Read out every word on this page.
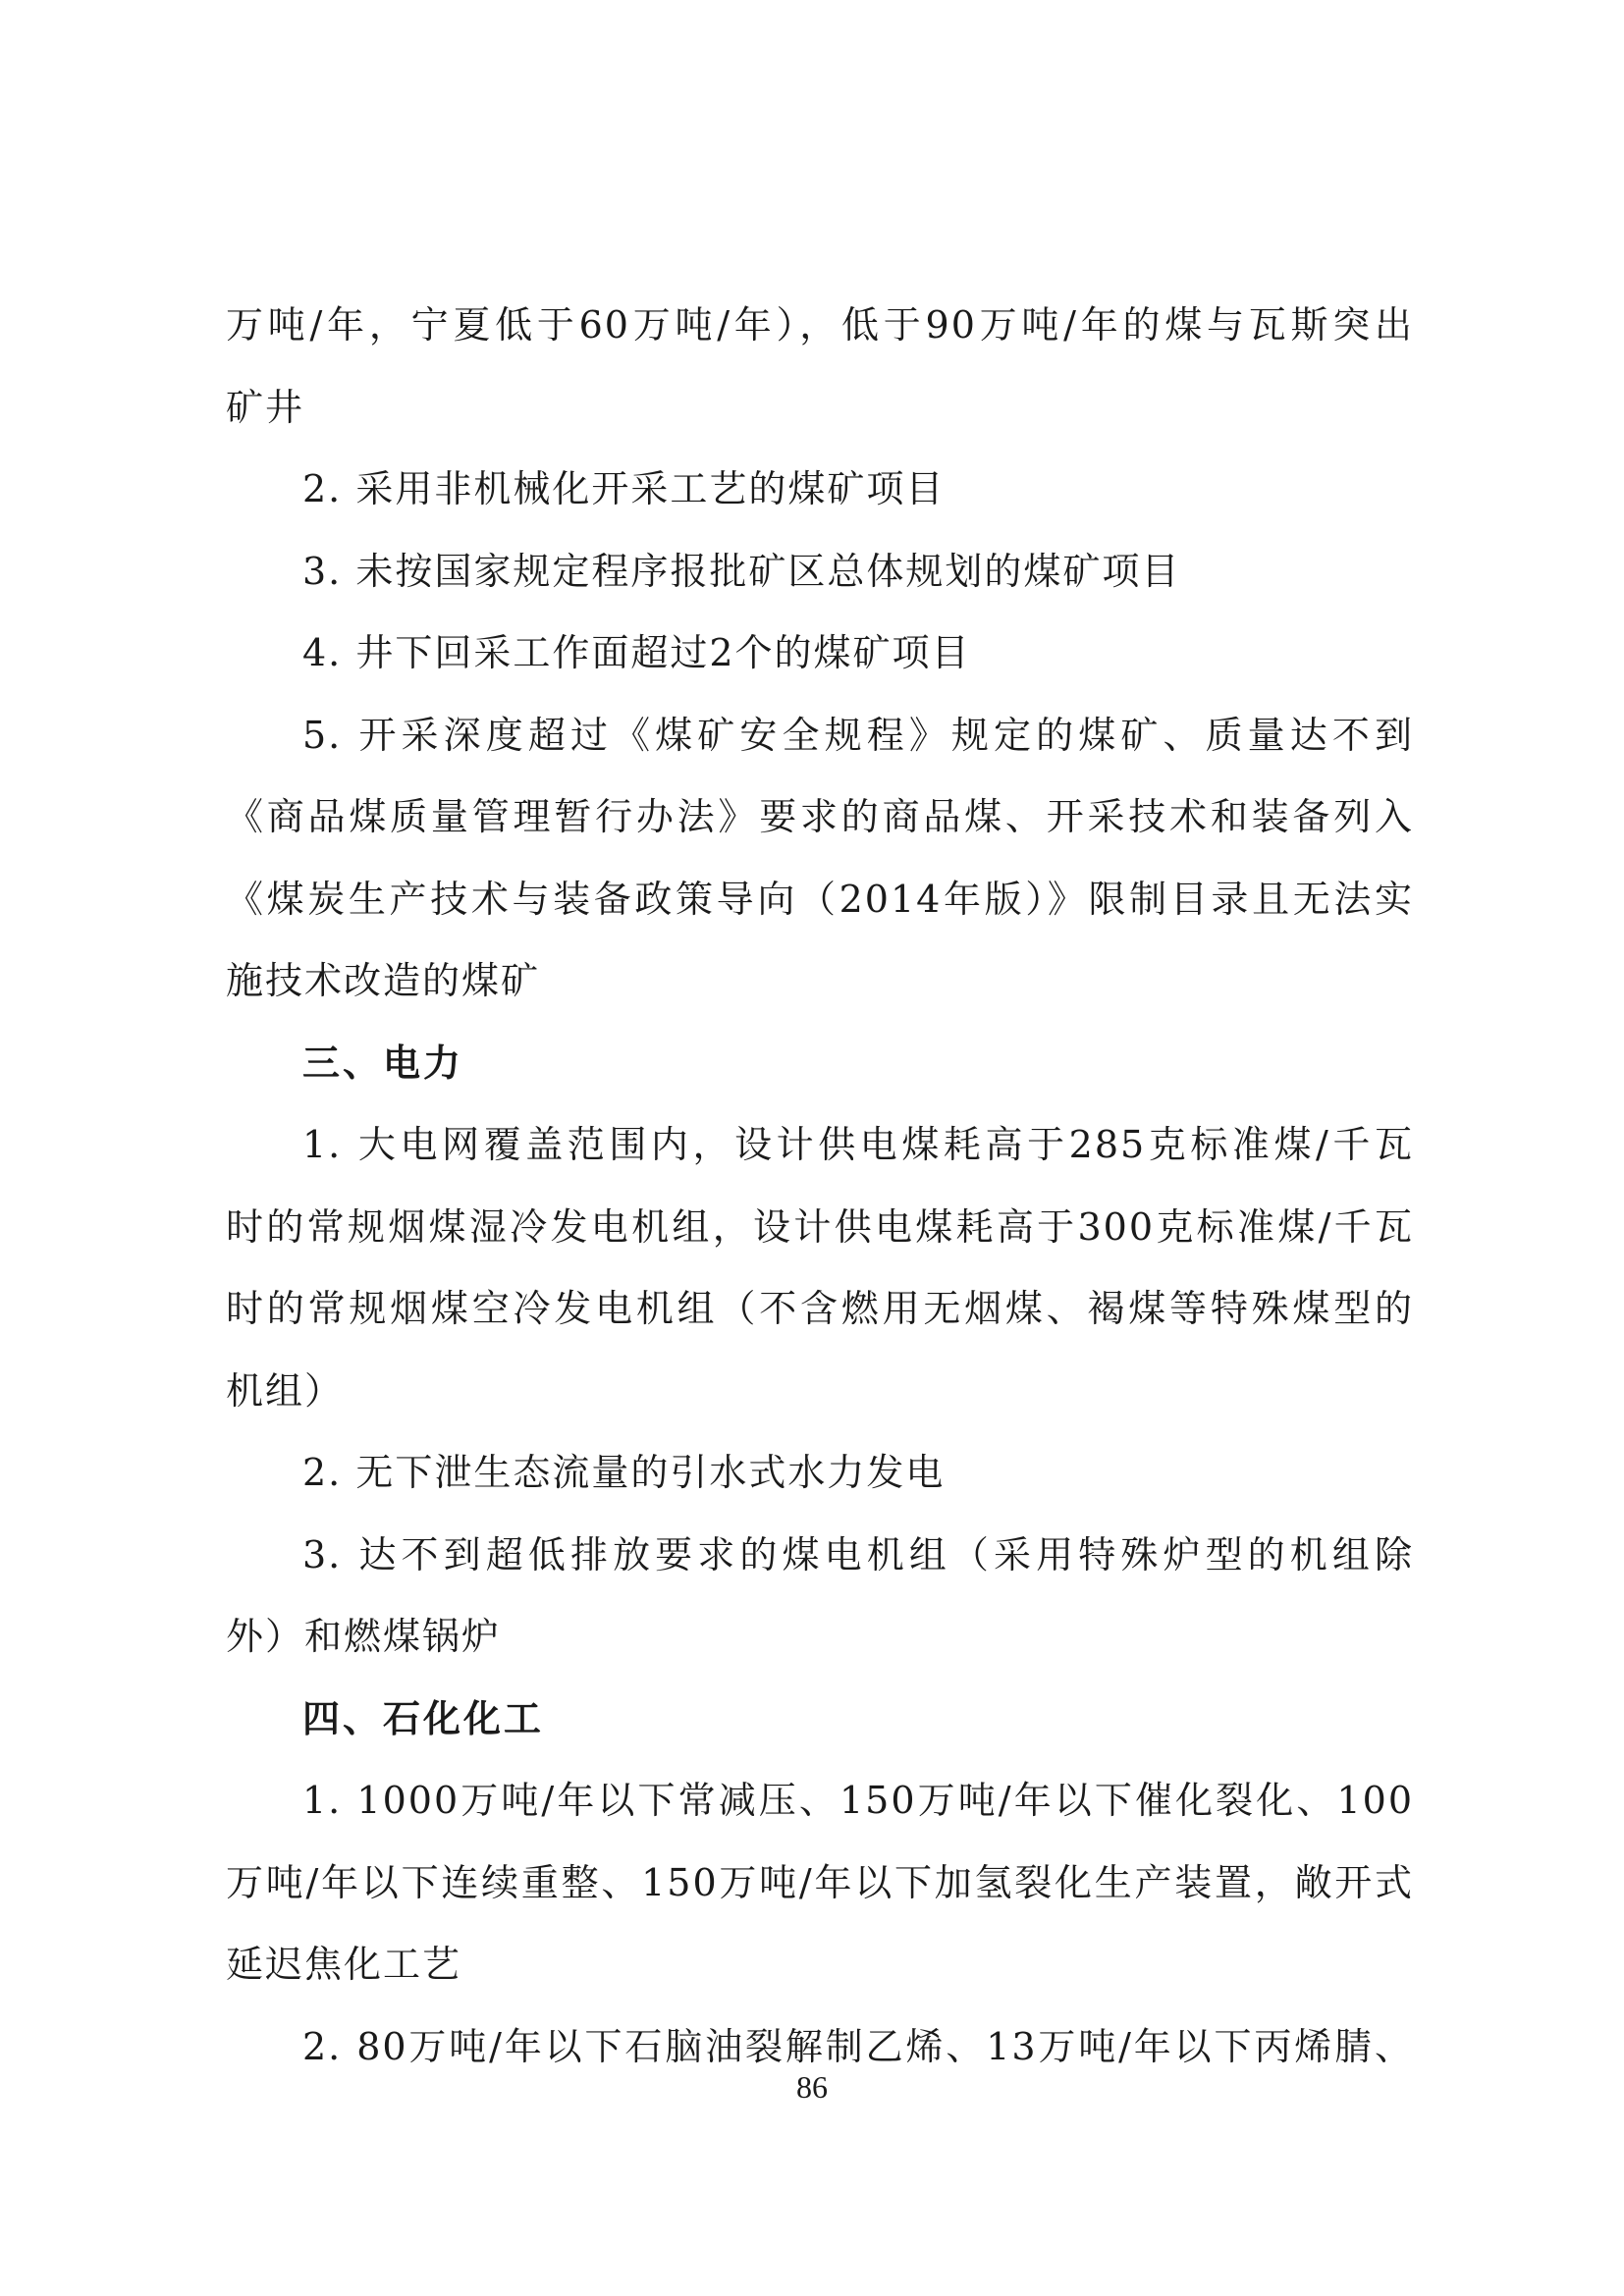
万吨/年，宁夏低于60万吨/年），低于90万吨/年的煤与瓦斯突出
矿井
2. 采用非机械化开采工艺的煤矿项目
3. 未按国家规定程序报批矿区总体规划的煤矿项目
4. 井下回采工作面超过2个的煤矿项目
5. 开采深度超过《煤矿安全规程》规定的煤矿、质量达不到
《商品煤质量管理暂行办法》要求的商品煤、开采技术和装备列入
《煤炭生产技术与装备政策导向（2014年版）》限制目录且无法实
施技术改造的煤矿
三、电力
1. 大电网覆盖范围内，设计供电煤耗高于285克标准煤/千瓦
时的常规烟煤湿冷发电机组，设计供电煤耗高于300克标准煤/千瓦
时的常规烟煤空冷发电机组（不含燃用无烟煤、褐煤等特殊煤型的
机组）
2. 无下泄生态流量的引水式水力发电
3. 达不到超低排放要求的煤电机组（采用特殊炉型的机组除
外）和燃煤锅炉
四、石化化工
1. 1000万吨/年以下常减压、150万吨/年以下催化裂化、100
万吨/年以下连续重整、150万吨/年以下加氢裂化生产装置，敞开式
延迟焦化工艺
2. 80万吨/年以下石脑油裂解制乙烯、13万吨/年以下丙烯腈、
86
